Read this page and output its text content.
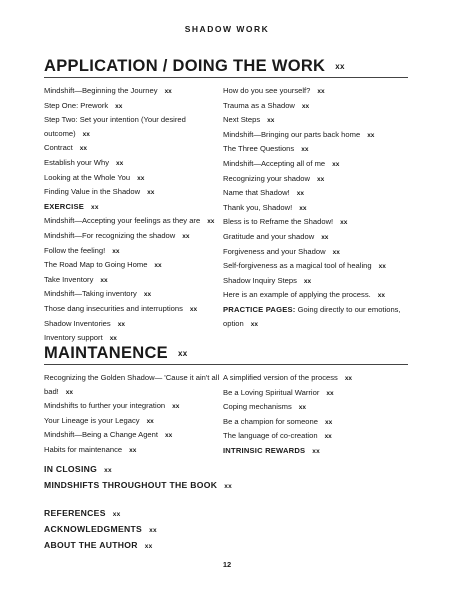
SHADOW WORK
APPLICATION / DOING THE WORK xx
Mindshift—Beginning the Journey xx
Step One: Prework xx
Step Two: Set your intention (Your desired outcome) xx
Contract xx
Establish your Why xx
Looking at the Whole You xx
Finding Value in the Shadow xx
EXERCISE xx
Mindshift—Accepting your feelings as they are xx
Mindshift—For recognizing the shadow xx
Follow the feeling! xx
The Road Map to Going Home xx
Take Inventory xx
Mindshift—Taking inventory xx
Those dang insecurities and interruptions xx
Shadow Inventories xx
Inventory support xx
How do you see yourself? xx
Trauma as a Shadow xx
Next Steps xx
Mindshift—Bringing our parts back home xx
The Three Questions xx
Mindshift—Accepting all of me xx
Recognizing your shadow xx
Name that Shadow! xx
Thank you, Shadow! xx
Bless is to Reframe the Shadow! xx
Gratitude and your shadow xx
Forgiveness and your Shadow xx
Self-forgiveness as a magical tool of healing xx
Shadow Inquiry Steps xx
Here is an example of applying the process. xx
PRACTICE PAGES: Going directly to our emotions, option xx
MAINTANENCE xx
Recognizing the Golden Shadow— 'Cause it ain't all bad! xx
Mindshifts to further your integration xx
Your Lineage is your Legacy xx
Mindshift—Being a Change Agent xx
Habits for maintenance xx
A simplified version of the process xx
Be a Loving Spiritual Warrior xx
Coping mechanisms xx
Be a champion for someone xx
The language of co-creation xx
INTRINSIC REWARDS xx
IN CLOSING xx
MINDSHIFTS THROUGHOUT THE BOOK xx
REFERENCES xx
ACKNOWLEDGMENTS xx
ABOUT THE AUTHOR xx
12
